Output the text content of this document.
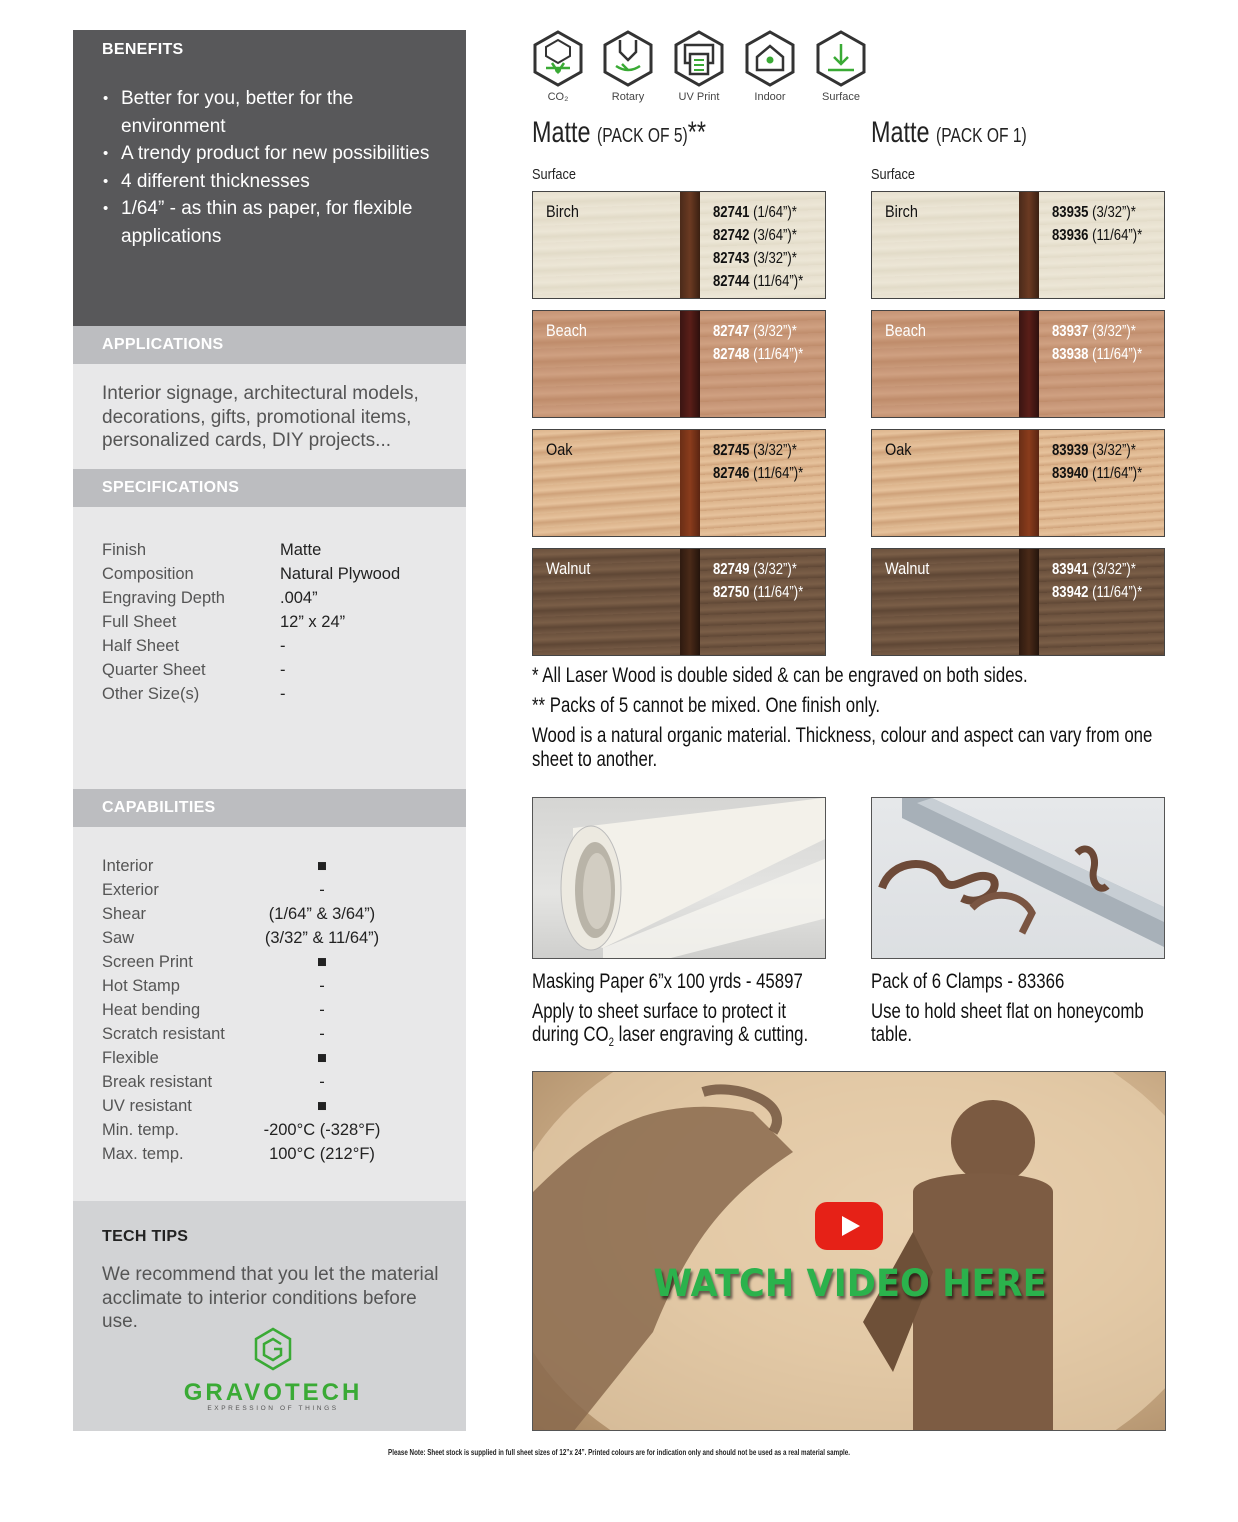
BENEFITS
• Better for you, better for the environment
• A trendy product for new possibilities
• 4 different thicknesses
• 1/64” - as thin as paper, for flexible applications
APPLICATIONS
Interior signage, architectural models, decorations, gifts, promotional items, personalized cards, DIY projects...
SPECIFICATIONS
Finish	Matte
Composition	Natural Plywood
Engraving Depth	.004”
Full Sheet	12” x 24”
Half Sheet	-
Quarter Sheet	-
Other Size(s)	-
CAPABILITIES
Interior	■
Exterior	-
Shear	(1/64” & 3/64”)
Saw	(3/32” & 11/64”)
Screen Print	■
Hot Stamp	-
Heat bending	-
Scratch resistant	-
Flexible	■
Break resistant	-
UV resistant	■
Min. temp.	-200°C (-328°F)
Max. temp.	100°C (212°F)
TECH TIPS
We recommend that you let the material acclimate to interior conditions before use.
GRAVOTECH
EXPRESSION OF THINGS
CO₂	Rotary	UV Print	Indoor	Surface
Matte (PACK OF 5)**
Surface
Matte (PACK OF 1)
Surface
Birch	82741 (1/64”)*
82742 (3/64”)*
82743 (3/32”)*
82744 (11/64”)*
Beach	82747 (3/32”)*
82748 (11/64”)*
Oak	82745 (3/32”)*
82746 (11/64”)*
Walnut	82749 (3/32”)*
82750 (11/64”)*
Birch	83935 (3/32”)*
83936 (11/64”)*
Beach	83937 (3/32”)*
83938 (11/64”)*
Oak	83939 (3/32”)*
83940 (11/64”)*
Walnut	83941 (3/32”)*
83942 (11/64”)*

* All Laser Wood is double sided & can be engraved on both sides.

** Packs of 5 cannot be mixed. One finish only.

Wood is a natural organic material. Thickness, colour and aspect can vary from one sheet to another.

Masking Paper 6”x 100 yrds - 45897
Apply to sheet surface to protect it
during $CO_2$ laser engraving & cutting.
Pack of 6 Clamps - 83366
Use to hold sheet flat on honeycomb table.
WATCH VIDEO HERE
Please Note: Sheet stock is supplied in full sheet sizes of 12”x 24”. Printed colours are for indication only and should not be used as a real material sample.
